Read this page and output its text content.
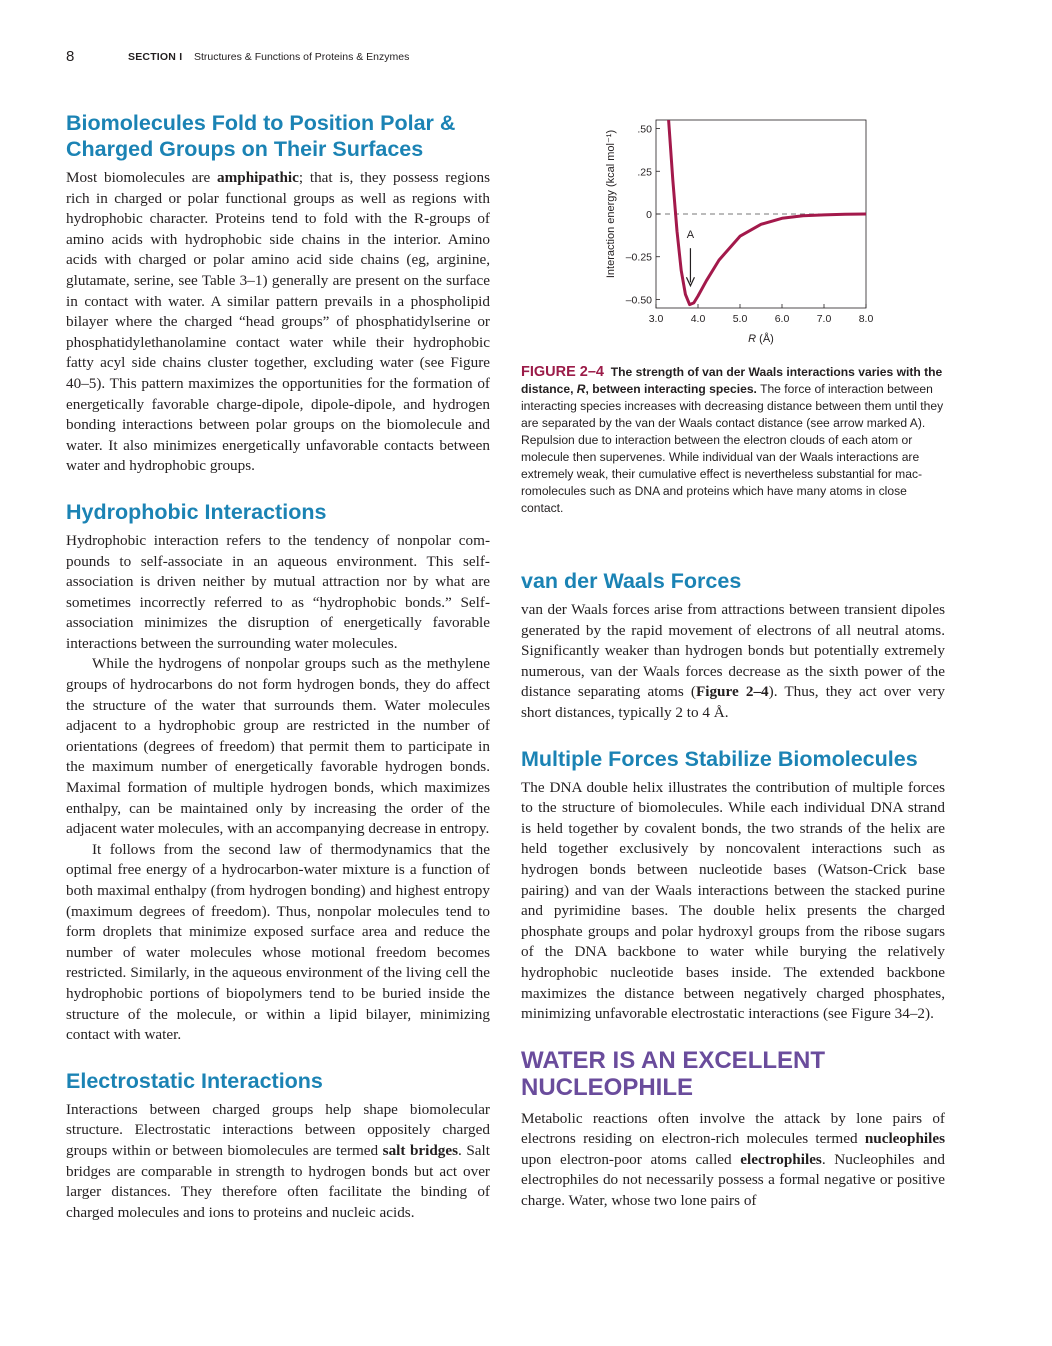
8	SECTION I Structures & Functions of Proteins & Enzymes
Biomolecules Fold to Position Polar & Charged Groups on Their Surfaces

Most biomolecules are amphipathic; that is, they possess regions rich in charged or polar functional groups as well as regions with hydrophobic character. Proteins tend to fold with the R-groups of amino acids with hydrophobic side chains in the interior. Amino acids with charged or polar amino acid side chains (eg, arginine, glutamate, serine, see Table 3–1) generally are present on the surface in contact with water. A similar pattern prevails in a phospholipid bilayer where the charged “head groups” of phosphatidylserine or phosphatidylethanolamine contact water while their hydrophobic fatty acyl side chains cluster together, excluding water (see Figure 40–5). This pattern maximizes the opportunities for the formation of energetically favorable charge-dipole, dipole-dipole, and hydrogen bonding interactions between polar groups on the biomolecule and water. It also minimizes energetically unfavorable contacts between water and hydrophobic groups.

Hydrophobic Interactions

Hydrophobic interaction refers to the tendency of nonpolar compounds to self-associate in an aqueous environment. This self-association is driven neither by mutual attraction nor by what are sometimes incorrectly referred to as “hydrophobic bonds.” Self-association minimizes the disruption of energetically favorable interactions between the surrounding water molecules.

While the hydrogens of nonpolar groups such as the methylene groups of hydrocarbons do not form hydrogen bonds, they do affect the structure of the water that surrounds them. Water molecules adjacent to a hydrophobic group are restricted in the number of orientations (degrees of freedom) that permit them to participate in the maximum number of energetically favorable hydrogen bonds. Maximal formation of multiple hydrogen bonds, which maximizes enthalpy, can be maintained only by increasing the order of the adjacent water molecules, with an accompanying decrease in entropy.

It follows from the second law of thermodynamics that the optimal free energy of a hydrocarbon-water mixture is a function of both maximal enthalpy (from hydrogen bonding) and highest entropy (maximum degrees of freedom). Thus, nonpolar molecules tend to form droplets that minimize exposed surface area and reduce the number of water molecules whose motional freedom becomes restricted. Similarly, in the aqueous environment of the living cell the hydrophobic portions of biopolymers tend to be buried inside the structure of the molecule, or within a lipid bilayer, minimizing contact with water.

Electrostatic Interactions

Interactions between charged groups help shape biomolecular structure. Electrostatic interactions between oppositely charged groups within or between biomolecules are termed salt bridges. Salt bridges are comparable in strength to hydrogen bonds but act over larger distances. They therefore often facilitate the binding of charged molecules and ions to proteins and nucleic acids.

Interaction energy (kcal mol⁻¹)
R (Å)
.50
.25
0
–0.25
–0.50
3.0	4.0	5.0	6.0	7.0	8.0
A
FIGURE 2–4 The strength of van der Waals interactions varies with the distance, R, between interacting species. The force of interaction between interacting species increases with decreasing distance between them until they are separated by the van der Waals contact distance (see arrow marked A). Repulsion due to interaction between the electron clouds of each atom or molecule then supervenes. While individual van der Waals interactions are extremely weak, their cumulative effect is nevertheless substantial for macromolecules such as DNA and proteins which have many atoms in close contact.
van der Waals Forces

van der Waals forces arise from attractions between transient dipoles generated by the rapid movement of electrons of all neutral atoms. Significantly weaker than hydrogen bonds but potentially extremely numerous, van der Waals forces decrease as the sixth power of the distance separating atoms (Figure 2–4). Thus, they act over very short distances, typically 2 to 4 Å.

Multiple Forces Stabilize Biomolecules

The DNA double helix illustrates the contribution of multiple forces to the structure of biomolecules. While each individual DNA strand is held together by covalent bonds, the two strands of the helix are held together exclusively by noncovalent interactions such as hydrogen bonds between nucleotide bases (Watson-Crick base pairing) and van der Waals interactions between the stacked purine and pyrimidine bases. The double helix presents the charged phosphate groups and polar hydroxyl groups from the ribose sugars of the DNA backbone to water while burying the relatively hydrophobic nucleotide bases inside. The extended backbone maximizes the distance between negatively charged phosphates, minimizing unfavorable electrostatic interactions (see Figure 34–2).

WATER IS AN EXCELLENT NUCLEOPHILE

Metabolic reactions often involve the attack by lone pairs of electrons residing on electron-rich molecules termed nucleophiles upon electron-poor atoms called electrophiles. Nucleophiles and electrophiles do not necessarily possess a formal negative or positive charge. Water, whose two lone pairs of
